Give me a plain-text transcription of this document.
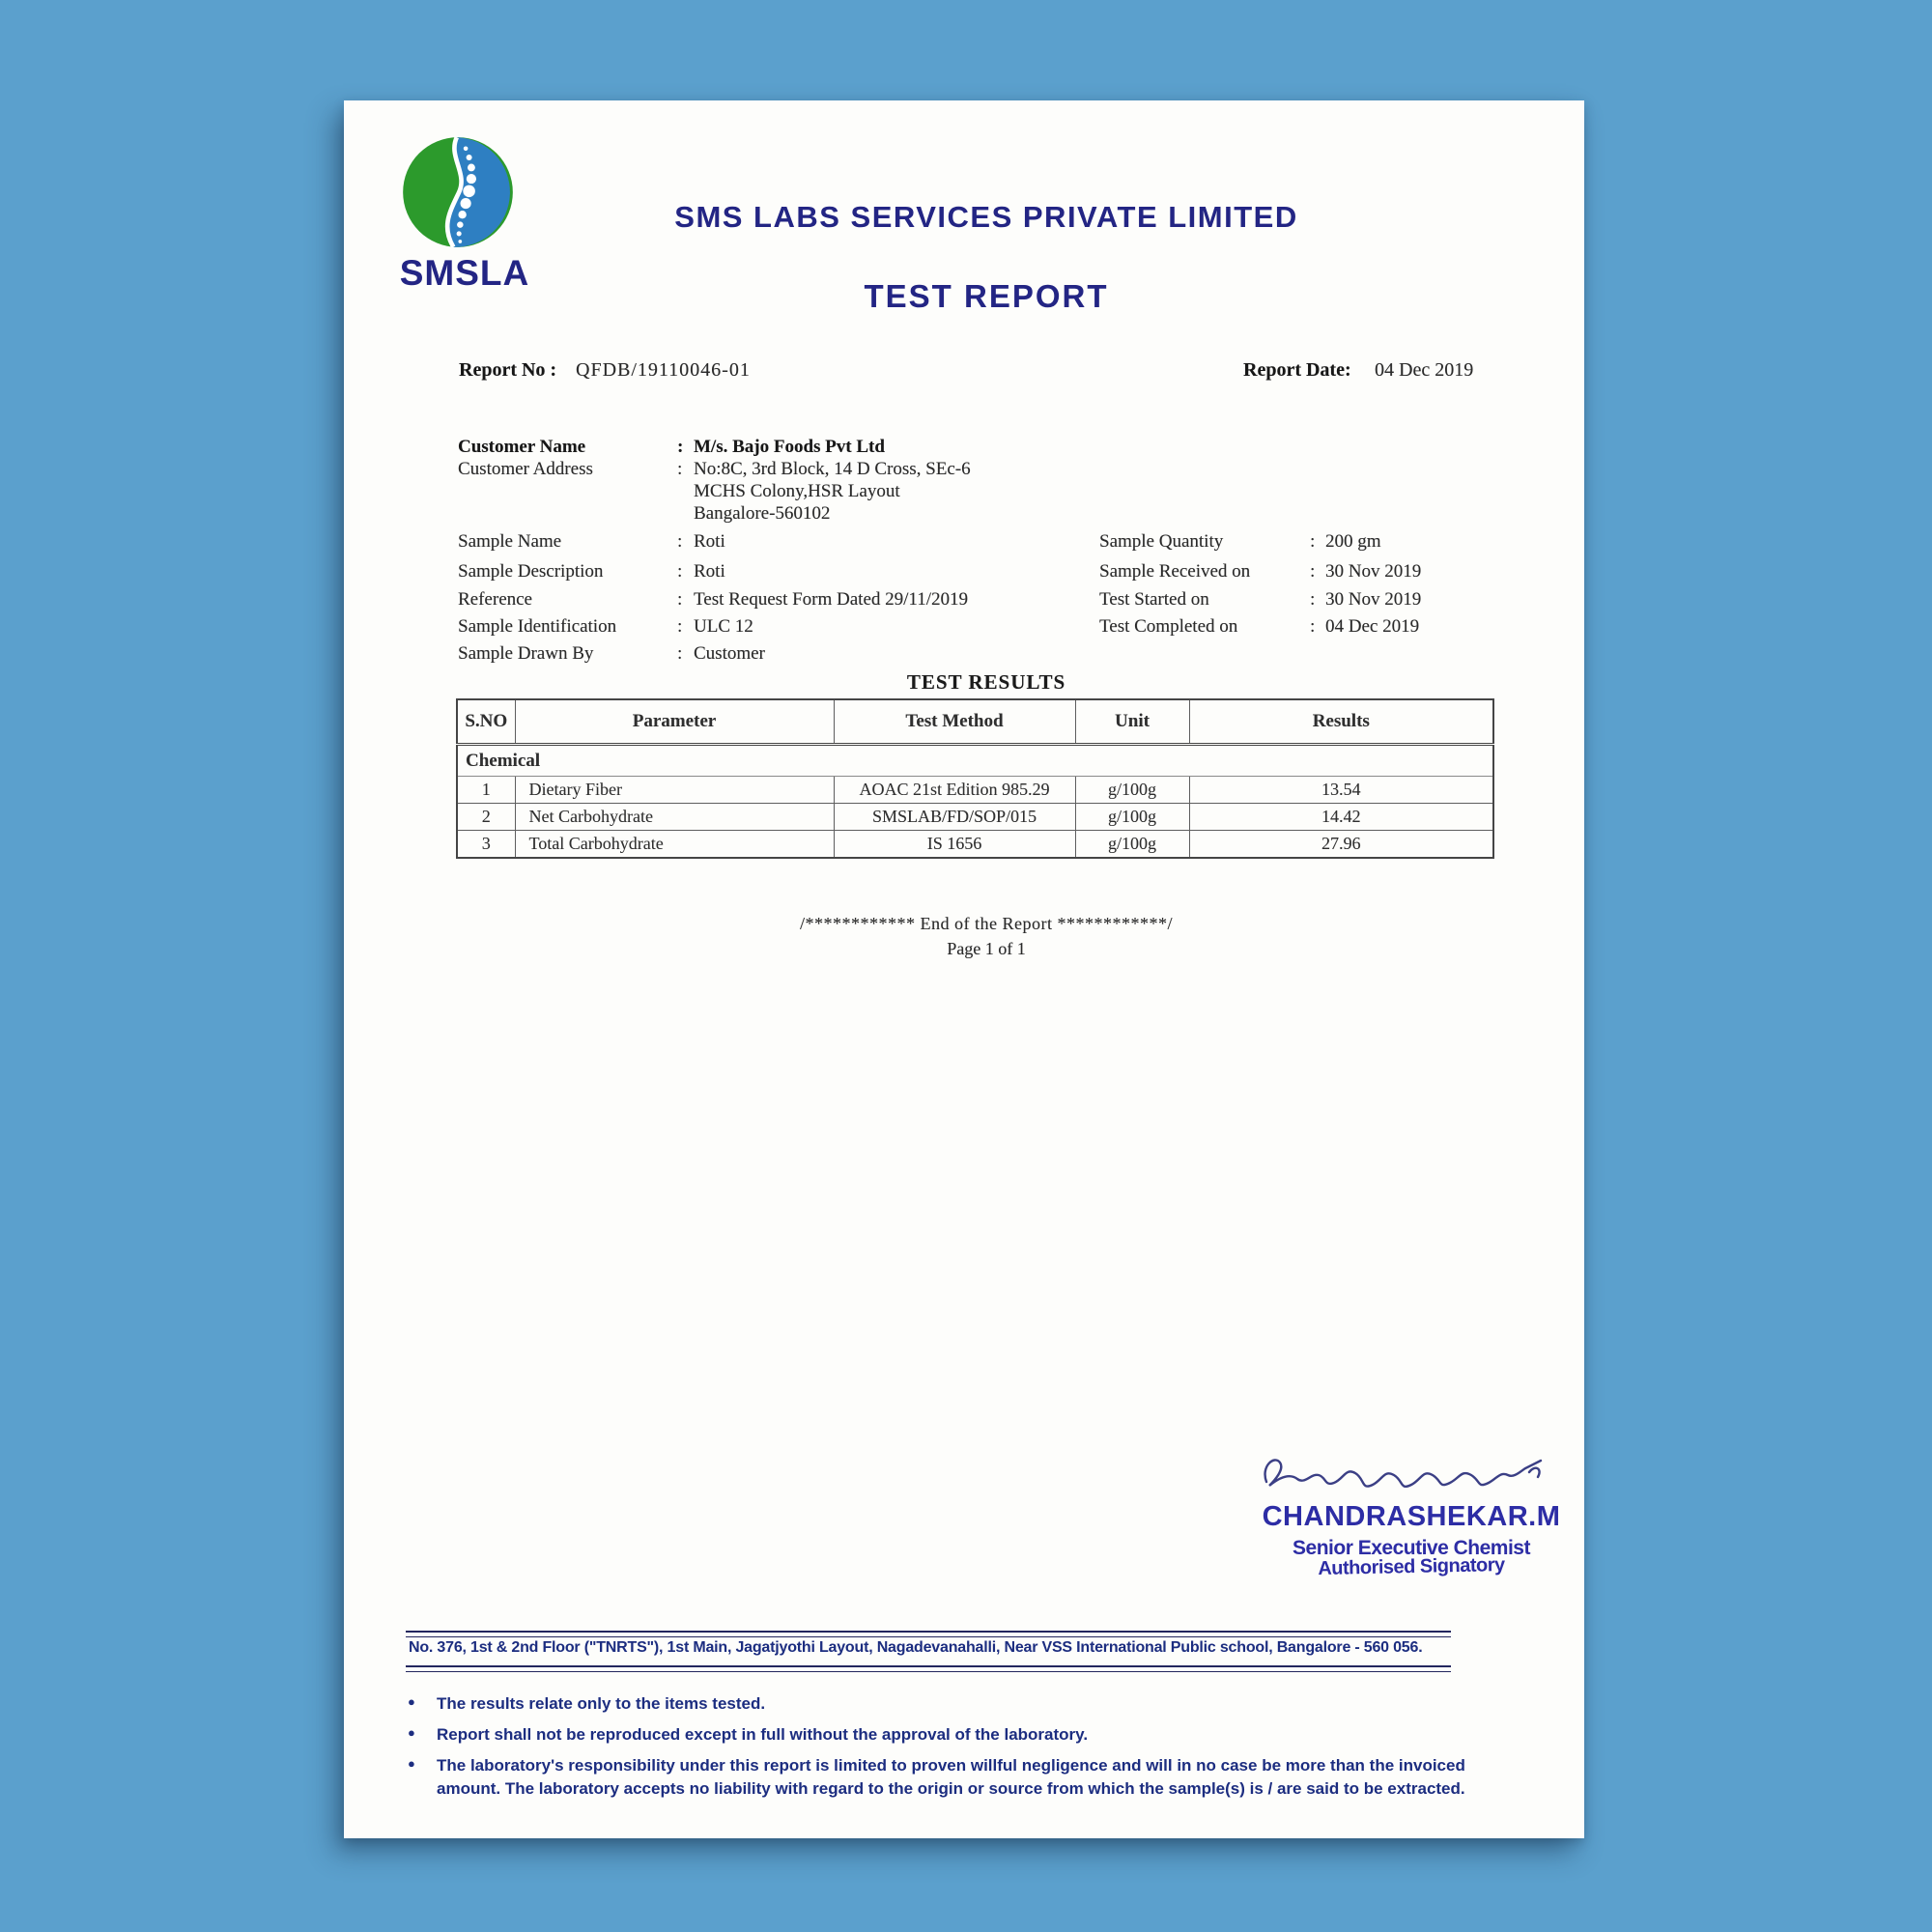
SMSLA
SMS LABS SERVICES PRIVATE LIMITED
TEST REPORT
Report No : QFDB/19110046-01	Report Date: 04 Dec 2019
Customer Name	: M/s. Bajo Foods Pvt Ltd
Customer Address	: No:8C, 3rd Block, 14 D Cross, SEc-6
MCHS Colony,HSR Layout
Bangalore-560102
Sample Name	: Roti
Sample Description	: Roti
Reference	: Test Request Form Dated 29/11/2019
Sample Identification	: ULC 12
Sample Drawn By	: Customer
Sample Quantity	: 200 gm
Sample Received on	: 30 Nov 2019
Test Started on	: 30 Nov 2019
Test Completed on	: 04 Dec 2019
TEST RESULTS
S.NO	Parameter	Test Method	Unit	Results
Chemical				
1	Dietary Fiber	AOAC 21st Edition 985.29	g/100g	13.54
2	Net Carbohydrate	SMSLAB/FD/SOP/015	g/100g	14.42
3	Total Carbohydrate	IS 1656	g/100g	27.96
/************ End of the Report ************/
Page 1 of 1
CHANDRASHEKAR.M
Senior Executive Chemist
Authorised Signatory
No. 376, 1st & 2nd Floor ("TNRTS"), 1st Main, Jagatjyothi Layout, Nagadevanahalli, Near VSS International Public school, Bangalore - 560 056.
● The results relate only to the items tested.
● Report shall not be reproduced except in full without the approval of the laboratory.
● The laboratory's responsibility under this report is limited to proven willful negligence and will in no case be more than the invoiced amount. The laboratory accepts no liability with regard to the origin or source from which the sample(s) is / are said to be extracted.
